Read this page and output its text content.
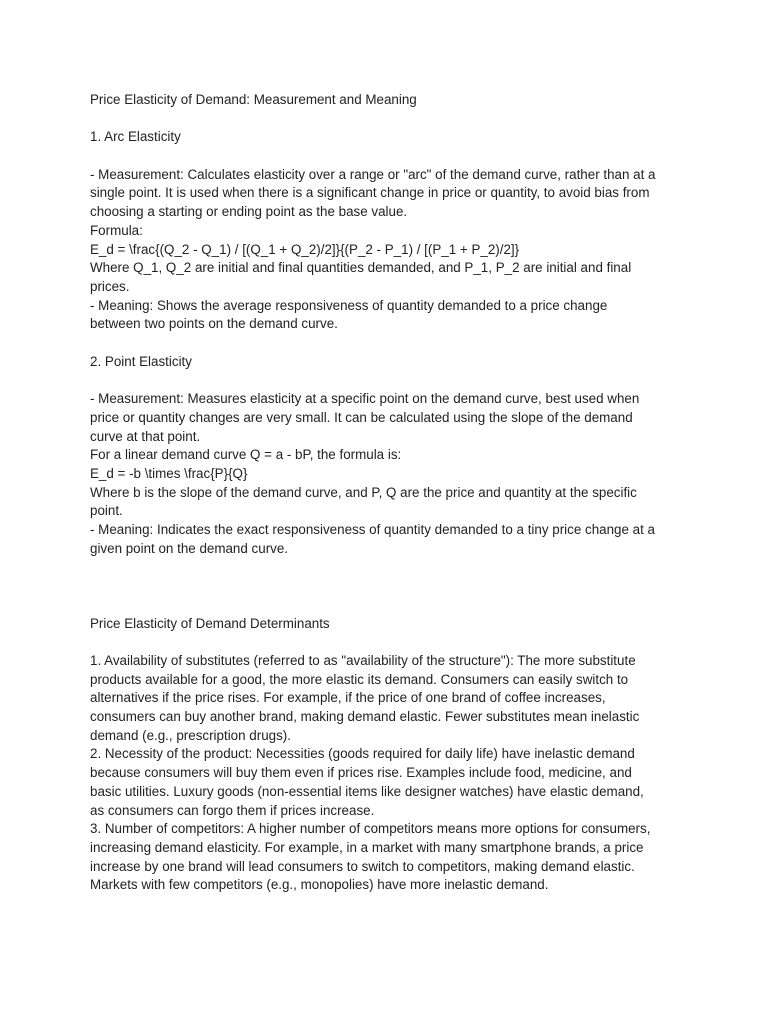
Price Elasticity of Demand: Measurement and Meaning

1. Arc Elasticity

- Measurement: Calculates elasticity over a range or "arc" of the demand curve, rather than at a

single point. It is used when there is a significant change in price or quantity, to avoid bias from

choosing a starting or ending point as the base value.

Formula:

E_d = \frac{(Q_2 - Q_1) / [(Q_1 + Q_2)/2]}{(P_2 - P_1) / [(P_1 + P_2)/2]}

Where Q_1, Q_2 are initial and final quantities demanded, and P_1, P_2 are initial and final

prices.

- Meaning: Shows the average responsiveness of quantity demanded to a price change

between two points on the demand curve.

2. Point Elasticity

- Measurement: Measures elasticity at a specific point on the demand curve, best used when

price or quantity changes are very small. It can be calculated using the slope of the demand

curve at that point.

For a linear demand curve Q = a - bP, the formula is:

E_d = -b \times \frac{P}{Q}

Where b is the slope of the demand curve, and P, Q are the price and quantity at the specific

point.

- Meaning: Indicates the exact responsiveness of quantity demanded to a tiny price change at a

given point on the demand curve.

Price Elasticity of Demand Determinants

1. Availability of substitutes (referred to as "availability of the structure"): The more substitute

products available for a good, the more elastic its demand. Consumers can easily switch to

alternatives if the price rises. For example, if the price of one brand of coffee increases,

consumers can buy another brand, making demand elastic. Fewer substitutes mean inelastic

demand (e.g., prescription drugs).

2. Necessity of the product: Necessities (goods required for daily life) have inelastic demand

because consumers will buy them even if prices rise. Examples include food, medicine, and

basic utilities. Luxury goods (non-essential items like designer watches) have elastic demand,

as consumers can forgo them if prices increase.

3. Number of competitors: A higher number of competitors means more options for consumers,

increasing demand elasticity. For example, in a market with many smartphone brands, a price

increase by one brand will lead consumers to switch to competitors, making demand elastic.

Markets with few competitors (e.g., monopolies) have more inelastic demand.
